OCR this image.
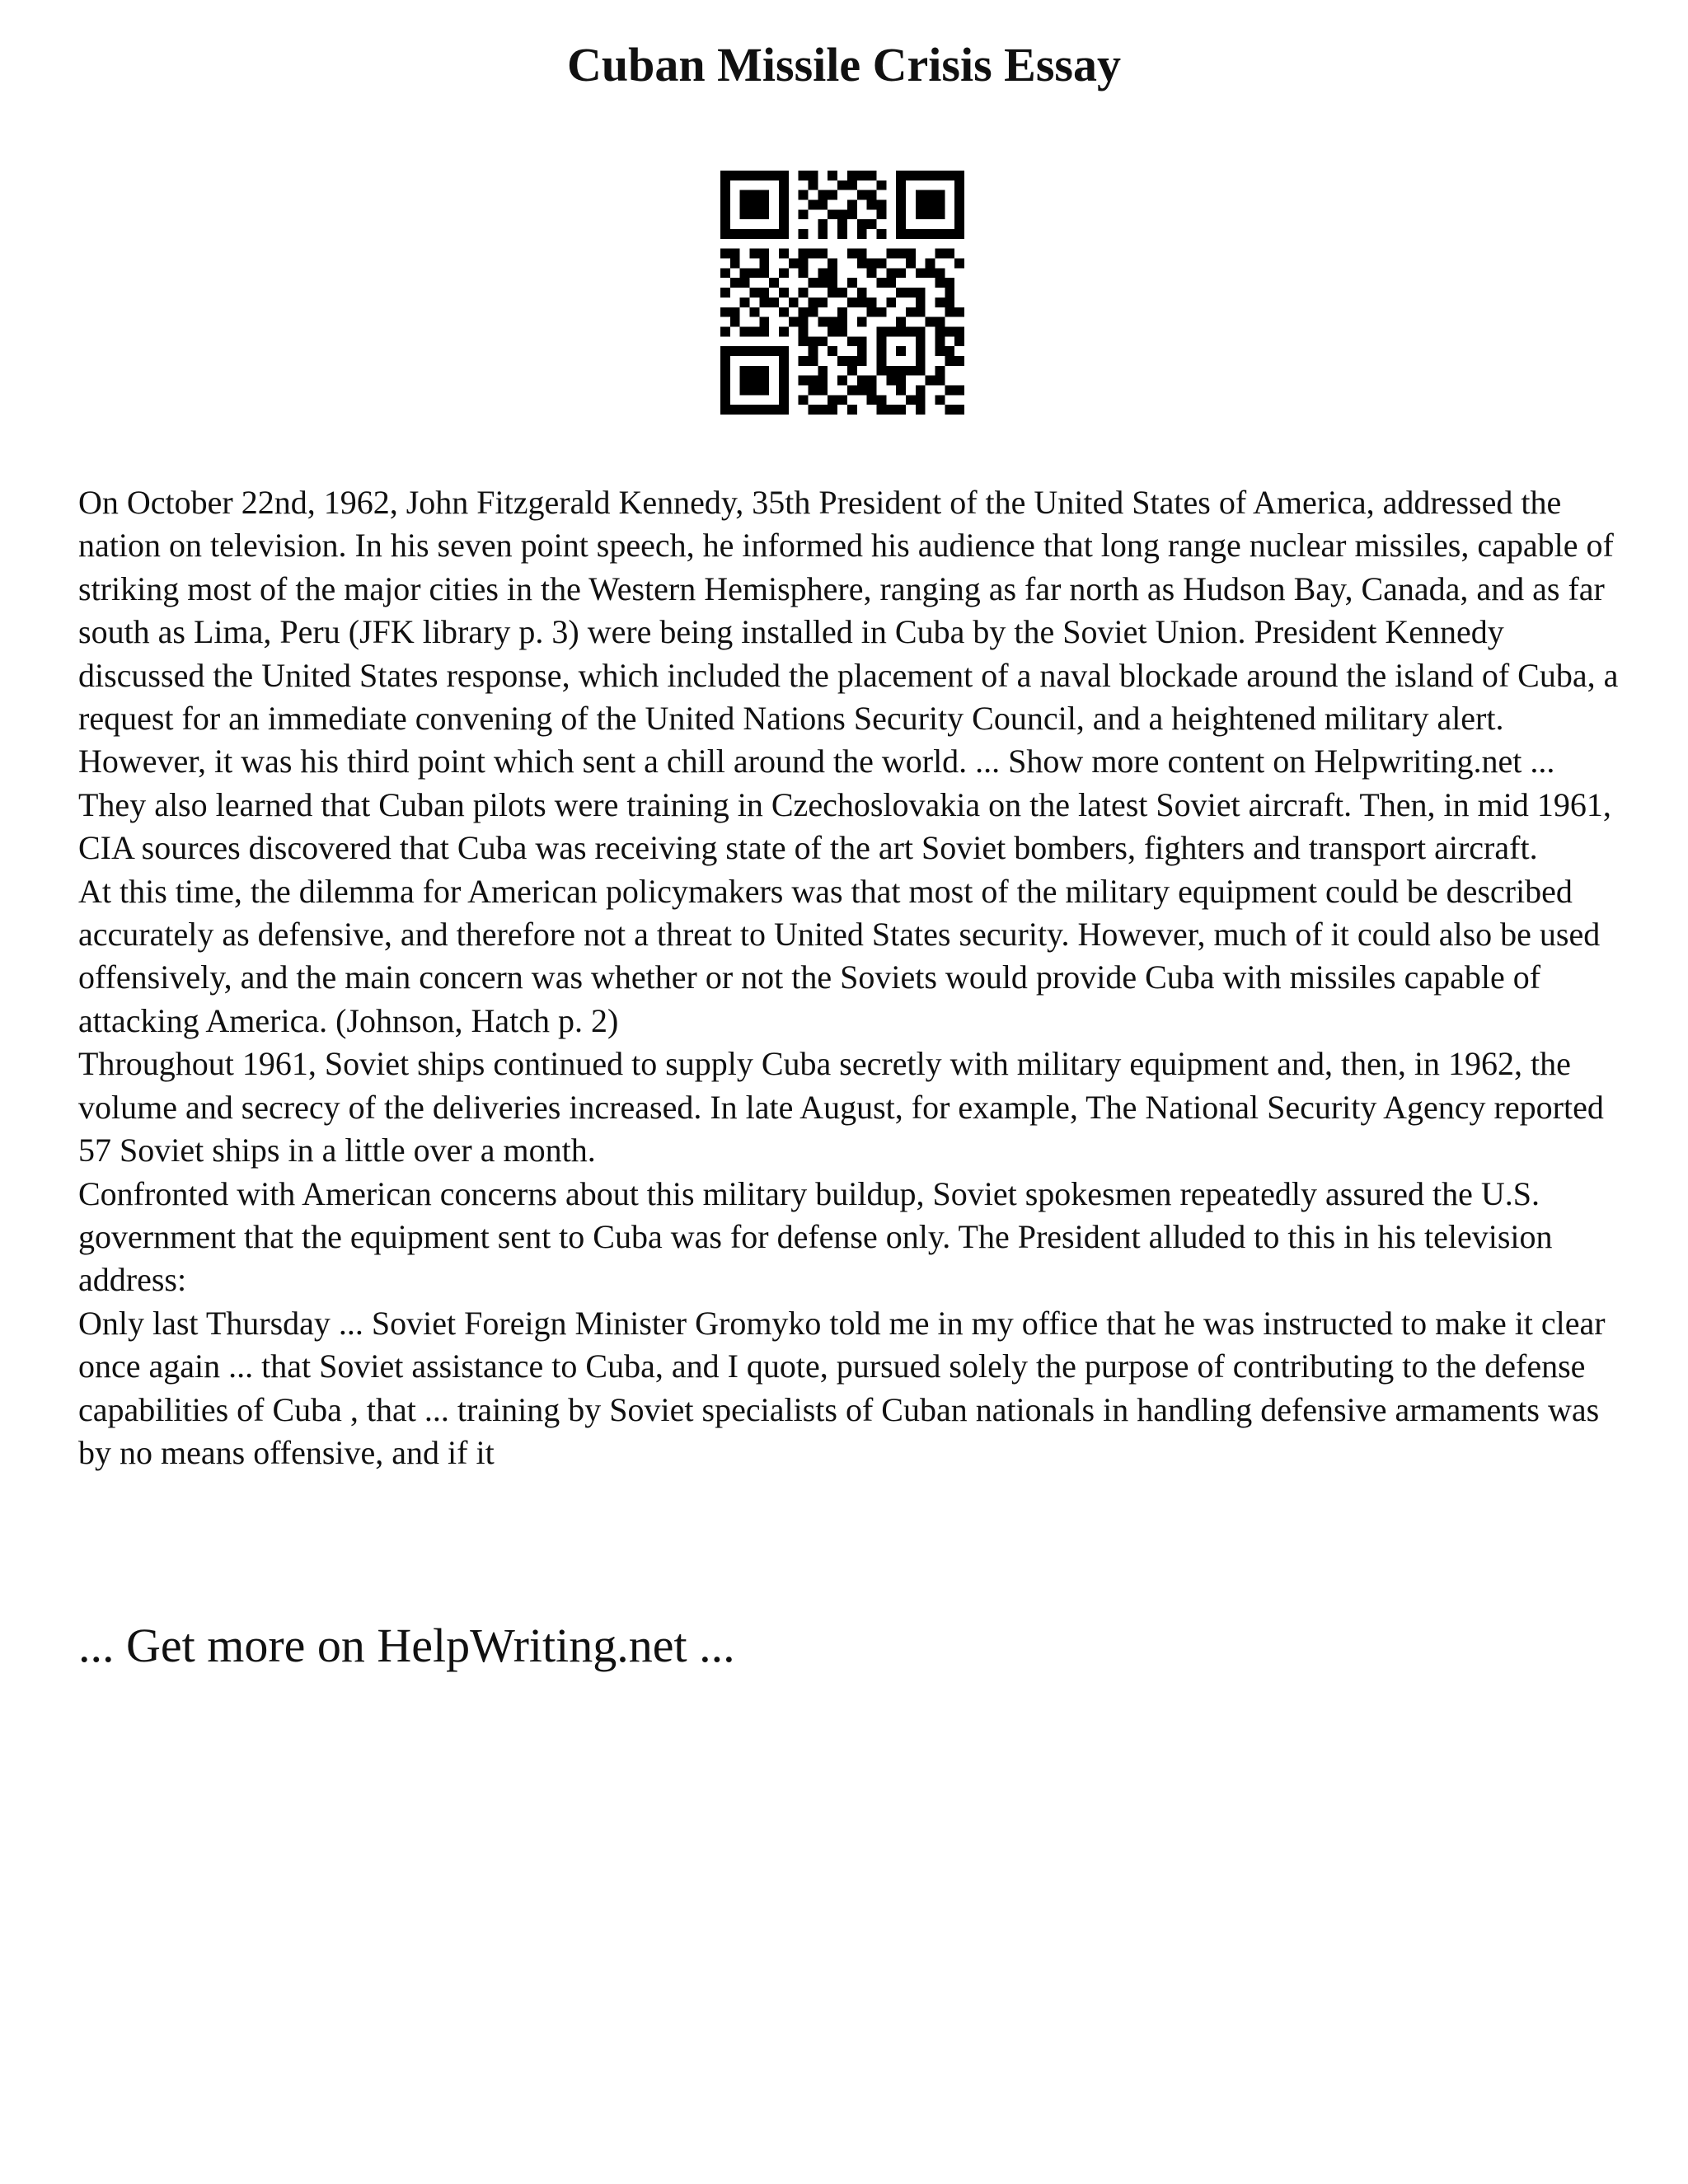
Cuban Missile Crisis Essay

On October 22nd, 1962, John Fitzgerald Kennedy, 35th President of the United States of America, addressed the nation on television. In his seven point speech, he informed his audience that long range nuclear missiles, capable of striking most of the major cities in the Western Hemisphere, ranging as far north as Hudson Bay, Canada, and as far south as Lima, Peru (JFK library p. 3) were being installed in Cuba by the Soviet Union. President Kennedy discussed the United States response, which included the placement of a naval blockade around the island of Cuba, a request for an immediate convening of the United Nations Security Council, and a heightened military alert. However, it was his third point which sent a chill around the world. ... Show more content on Helpwriting.net ...

They also learned that Cuban pilots were training in Czechoslovakia on the latest Soviet aircraft. Then, in mid 1961, CIA sources discovered that Cuba was receiving state of the art Soviet bombers, fighters and transport aircraft.

At this time, the dilemma for American policymakers was that most of the military equipment could be described accurately as defensive, and therefore not a threat to United States security. However, much of it could also be used offensively, and the main concern was whether or not the Soviets would provide Cuba with missiles capable of attacking America. (Johnson, Hatch p. 2)

Throughout 1961, Soviet ships continued to supply Cuba secretly with military equipment and, then, in 1962, the volume and secrecy of the deliveries increased. In late August, for example, The National Security Agency reported 57 Soviet ships in a little over a month.

Confronted with American concerns about this military buildup, Soviet spokesmen repeatedly assured the U.S. government that the equipment sent to Cuba was for defense only. The President alluded to this in his television address:

Only last Thursday ... Soviet Foreign Minister Gromyko told me in my office that he was instructed to make it clear once again ... that Soviet assistance to Cuba, and I quote, pursued solely the purpose of contributing to the defense capabilities of Cuba , that ... training by Soviet specialists of Cuban nationals in handling defensive armaments was by no means offensive, and if it

... Get more on HelpWriting.net ...
